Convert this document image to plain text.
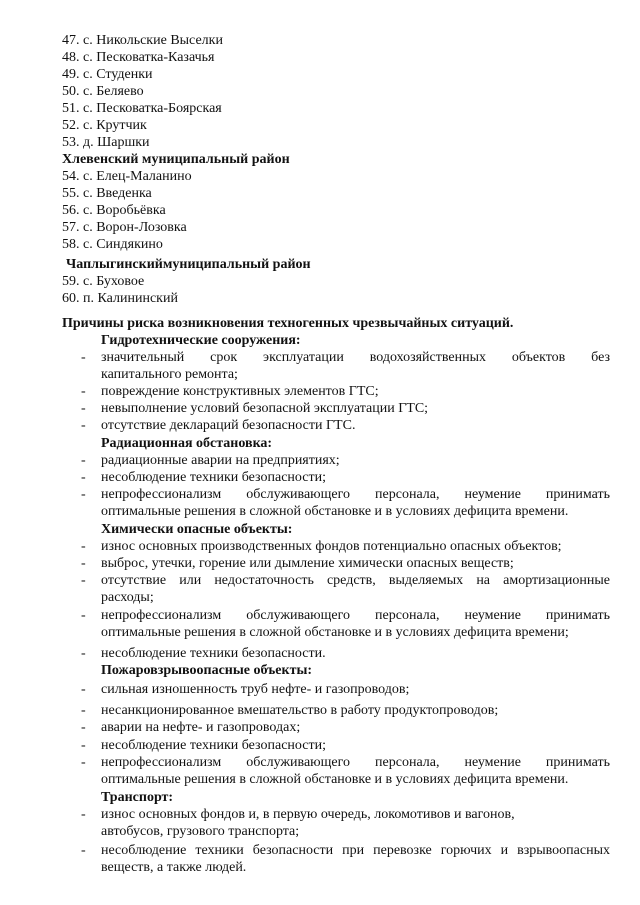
47. с. Никольские Выселки
48. с. Песковатка-Казачья
49. с. Студенки
50. с. Беляево
51. с. Песковатка-Боярская
52. с. Крутчик
53. д. Шаршки
Хлевенский муниципальный район
54. с. Елец-Маланино
55. с. Введенка
56. с. Воробьёвка
57. с. Ворон-Лозовка
58. с. Синдякино
Чаплыгинскиймуниципальный район
59. с. Буховое
60. п. Калининский
Причины риска возникновения техногенных чрезвычайных ситуаций.
Гидротехнические сооружения:
- значительный срок эксплуатации водохозяйственных объектов без
капитального ремонта;
- повреждение конструктивных элементов ГТС;
- невыполнение условий безопасной эксплуатации ГТС;
- отсутствие деклараций безопасности ГТС.
Радиационная обстановка:
- радиационные аварии на предприятиях;
- несоблюдение техники безопасности;
- непрофессионализм обслуживающего персонала, неумение принимать
оптимальные решения в сложной обстановке и в условиях дефицита времени.
Химически опасные объекты:
- износ основных производственных фондов потенциально опасных объектов;
- выброс, утечки, горение или дымление химически опасных веществ;
- отсутствие или недостаточность средств, выделяемых на амортизационные
расходы;
- непрофессионализм обслуживающего персонала, неумение принимать
оптимальные решения в сложной обстановке и в условиях дефицита времени;
- несоблюдение техники безопасности.
Пожаровзрывоопасные объекты:
- сильная изношенность труб нефте- и газопроводов;
- несанкционированное вмешательство в работу продуктопроводов;
- аварии на нефте- и газопроводах;
- несоблюдение техники безопасности;
- непрофессионализм обслуживающего персонала, неумение принимать
оптимальные решения в сложной обстановке и в условиях дефицита времени.
Транспорт:
- износ основных фондов и, в первую очередь, локомотивов и вагонов,
автобусов, грузового транспорта;
- несоблюдение техники безопасности при перевозке горючих и взрывоопасных
веществ, а также людей.
